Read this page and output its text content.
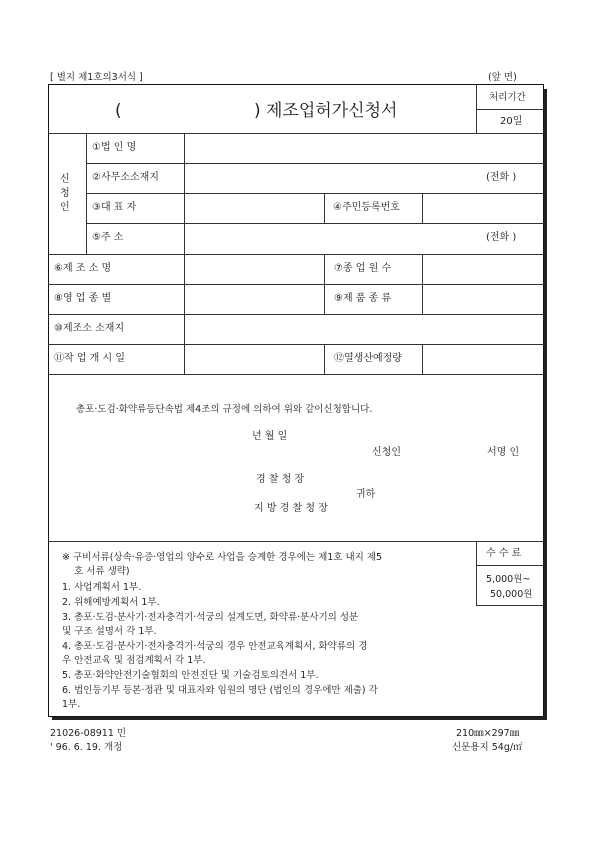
[ 별지 제1호의3서식 ]	(앞 면)
(	) 제조업허가신청서
처리기간
20일
신
청
인
①법 인 명
②사무소소재지	(전화 )
③대 표 자	④주민등록번호
⑤주 소	(전화 )
⑥제 조 소 명	⑦종 업 원 수
⑧영 업 종 별	⑨제 품 종 류
⑩제조소 소재지
⑪작 업 개 시 일	⑫열생산예정량
총포·도검·화약류등단속법 제4조의 규정에 의하여 위와 같이신청합니다.
년 월 일
신청인	서명 인
경 찰 청 장
귀하
지 방 경 찰 청 장
※ 구비서류(상속·유증·영업의 양수로 사업을 승계한 경우에는 제1호 내지 제5
호 서류 생략)
1. 사업계획서 1부.
2. 위해예방계획서 1부.
3. 총포·도검·분사기·전자충격기·석궁의 설계도면, 화약류·분사기의 성분
및 구조 설명서 각 1부.
4. 총포·도검·분사기·전자충격기·석궁의 경우 안전교육계획서, 화약류의 경
우 안전교육 및 점검계획서 각 1부.
5. 총포·화약안전기술협회의 안전진단 및 기술검토의견서 1부.
6. 법인등기부 등본·정관 및 대표자와 임원의 명단 (법인의 경우에만 제출) 각
1부.
수 수 료
5,000원~
50,000원
21026-08911 민
' 96. 6. 19. 개정
210㎜×297㎜
신문용지 54g/㎡
